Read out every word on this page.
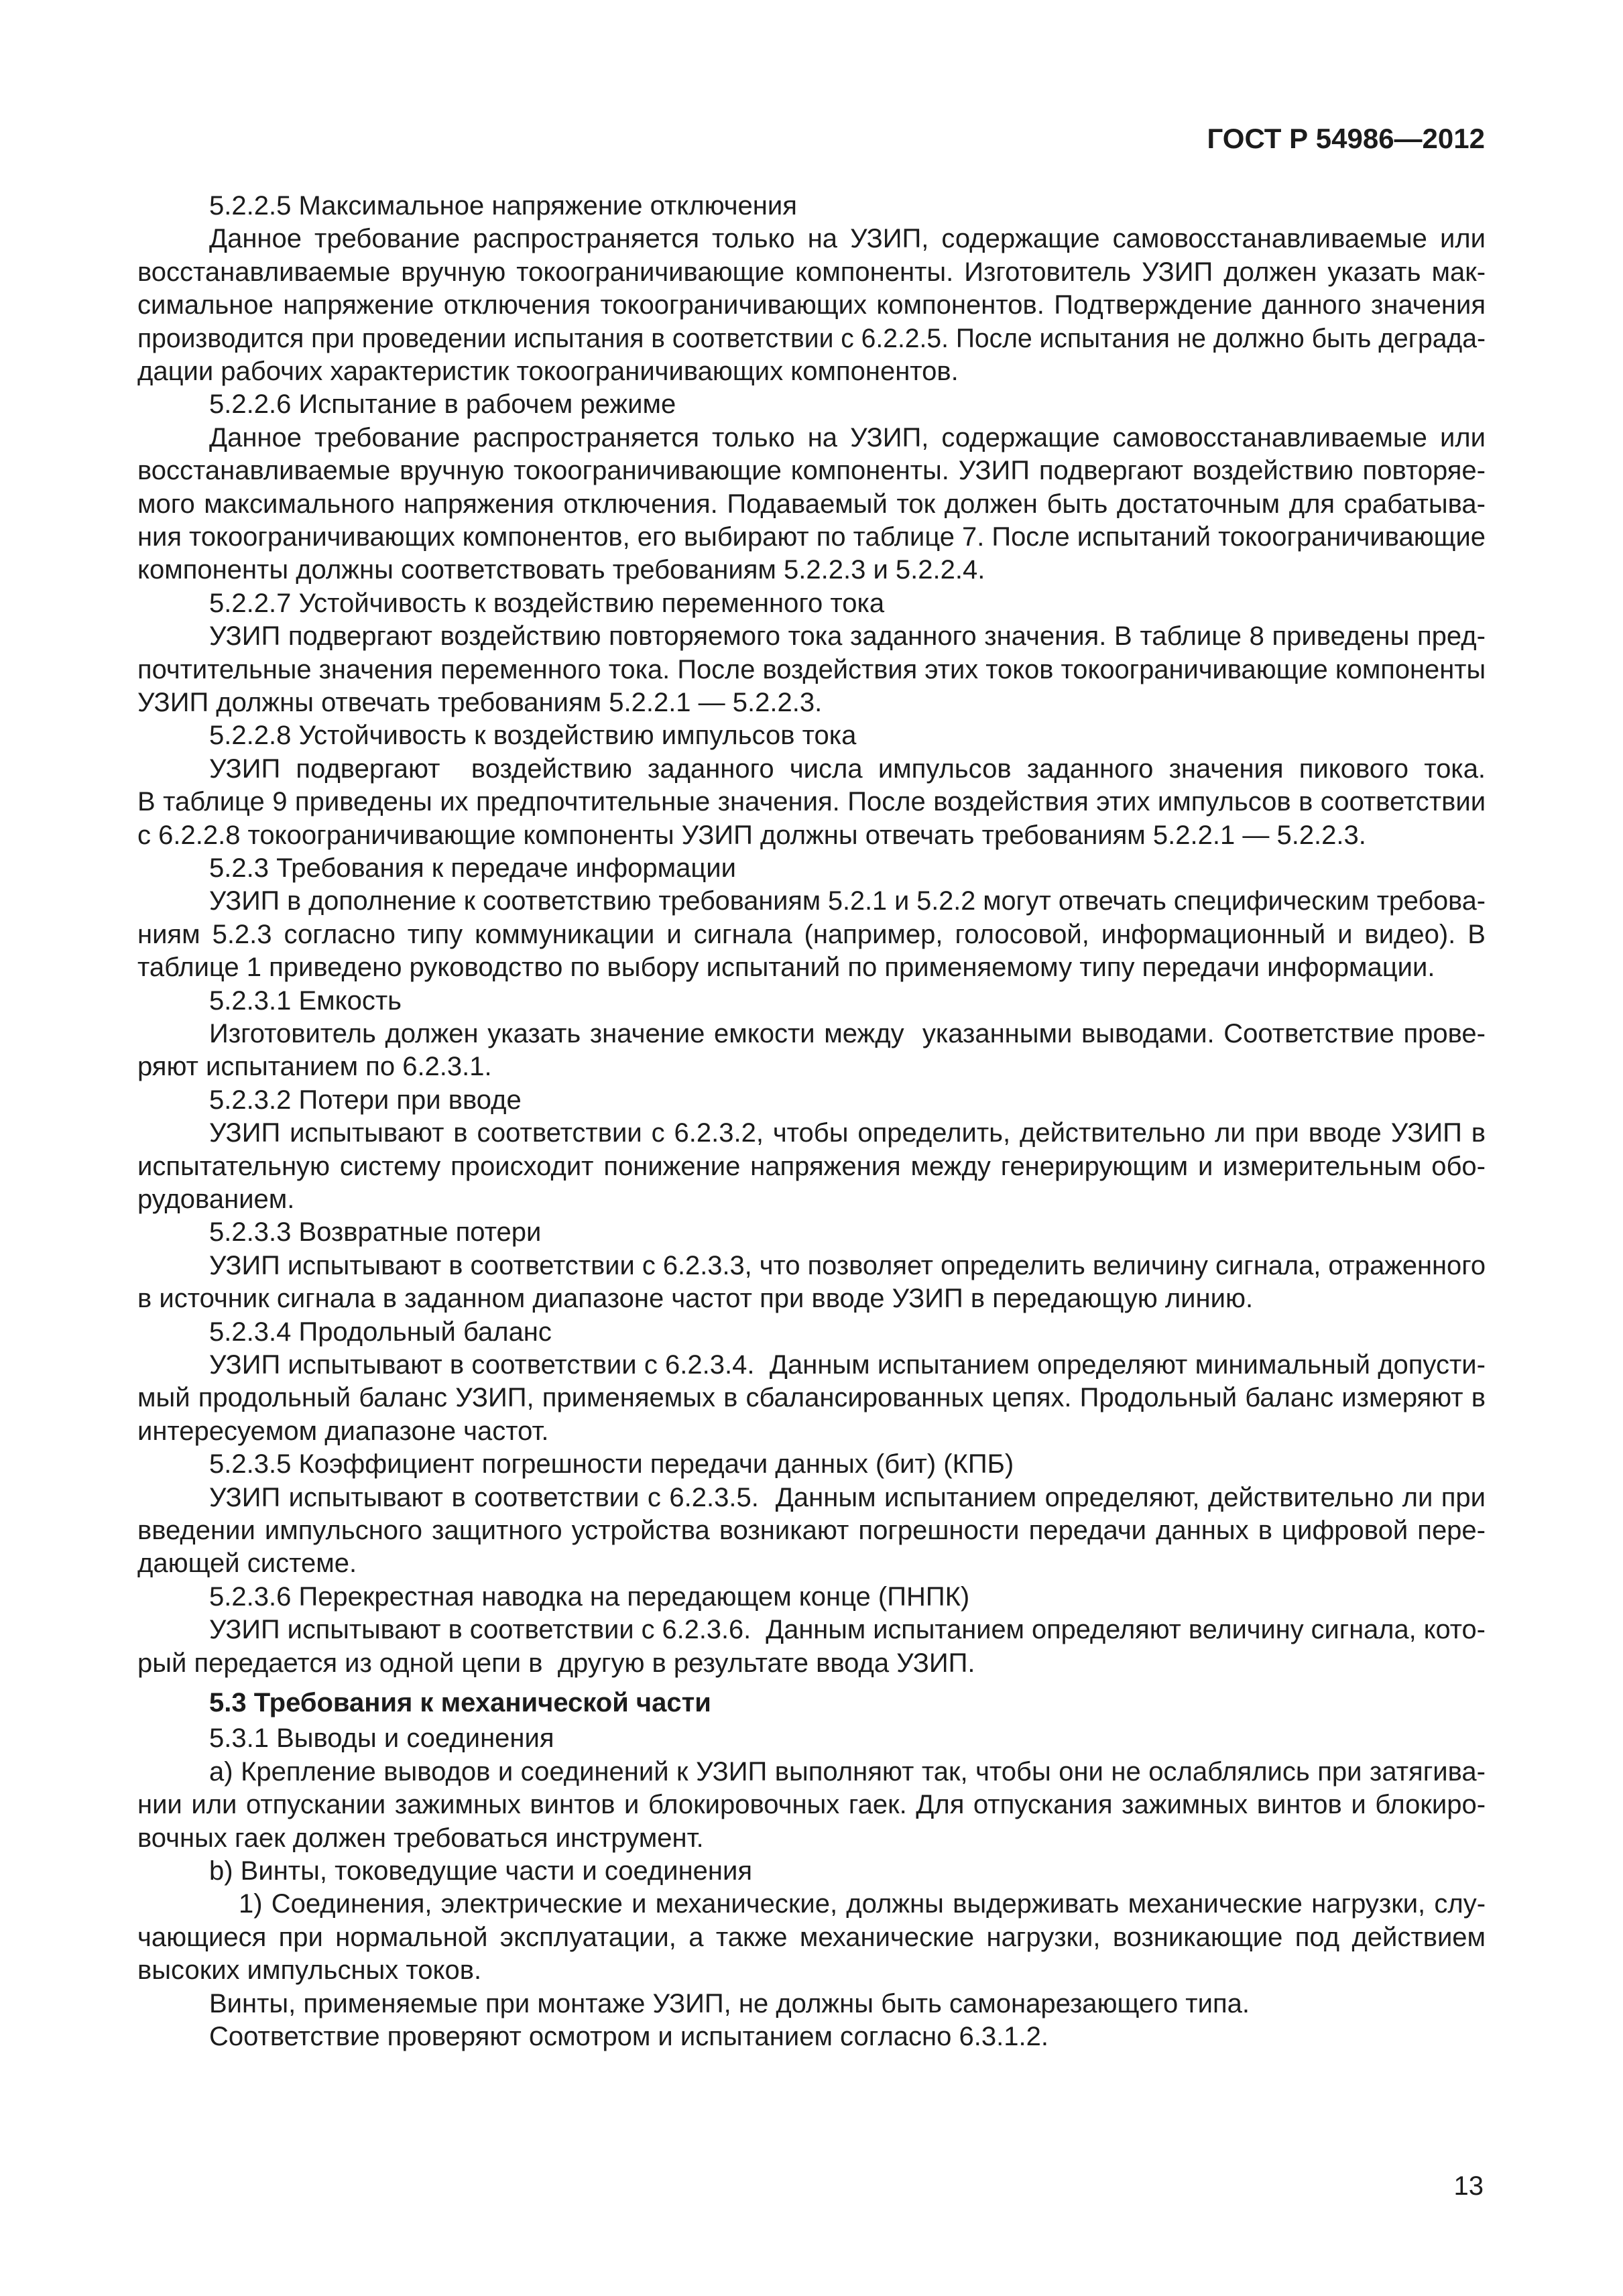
ГОСТ Р 54986—2012
5.2.2.5 Максимальное напряжение отключения
Данное требование распространяется только на УЗИП, содержащие самовосстанавливаемые или
восстанавливаемые вручную токоограничивающие компоненты. Изготовитель УЗИП должен указать мак-
симальное напряжение отключения токоограничивающих компонентов. Подтверждение данного значения
производится при проведении испытания в соответствии с 6.2.2.5. После испытания не должно быть деграда-
дации рабочих характеристик токоограничивающих компонентов.
5.2.2.6 Испытание в рабочем режиме
Данное требование распространяется только на УЗИП, содержащие самовосстанавливаемые или
восстанавливаемые вручную токоограничивающие компоненты. УЗИП подвергают воздействию повторяе-
мого максимального напряжения отключения. Подаваемый ток должен быть достаточным для срабатыва-
ния токоограничивающих компонентов, его выбирают по таблице 7. После испытаний токоограничивающие
компоненты должны соответствовать требованиям 5.2.2.3 и 5.2.2.4.
5.2.2.7 Устойчивость к воздействию переменного тока
УЗИП подвергают воздействию повторяемого тока заданного значения. В таблице 8 приведены пред-
почтительные значения переменного тока. После воздействия этих токов токоограничивающие компоненты
УЗИП должны отвечать требованиям 5.2.2.1 — 5.2.2.3.
5.2.2.8 Устойчивость к воздействию импульсов тока
УЗИП подвергают  воздействию заданного числа импульсов заданного значения пикового тока.
В таблице 9 приведены их предпочтительные значения. После воздействия этих импульсов в соответствии
с 6.2.2.8 токоограничивающие компоненты УЗИП должны отвечать требованиям 5.2.2.1 — 5.2.2.3.
5.2.3 Требования к передаче информации
УЗИП в дополнение к соответствию требованиям 5.2.1 и 5.2.2 могут отвечать специфическим требова-
ниям 5.2.3 согласно типу коммуникации и сигнала (например, голосовой, информационный и видео). В
таблице 1 приведено руководство по выбору испытаний по применяемому типу передачи информации.
5.2.3.1 Емкость
Изготовитель должен указать значение емкости между  указанными выводами. Соответствие прове-
ряют испытанием по 6.2.3.1.
5.2.3.2 Потери при вводе
УЗИП испытывают в соответствии с 6.2.3.2, чтобы определить, действительно ли при вводе УЗИП в
испытательную систему происходит понижение напряжения между генерирующим и измерительным обо-
рудованием.
5.2.3.3 Возвратные потери
УЗИП испытывают в соответствии с 6.2.3.3, что позволяет определить величину сигнала, отраженного
в источник сигнала в заданном диапазоне частот при вводе УЗИП в передающую линию.
5.2.3.4 Продольный баланс
УЗИП испытывают в соответствии с 6.2.3.4.  Данным испытанием определяют минимальный допусти-
мый продольный баланс УЗИП, применяемых в сбалансированных цепях. Продольный баланс измеряют в
интересуемом диапазоне частот.
5.2.3.5 Коэффициент погрешности передачи данных (бит) (КПБ)
УЗИП испытывают в соответствии с 6.2.3.5.  Данным испытанием определяют, действительно ли при
введении импульсного защитного устройства возникают погрешности передачи данных в цифровой пере-
дающей системе.
5.2.3.6 Перекрестная наводка на передающем конце (ПНПК)
УЗИП испытывают в соответствии с 6.2.3.6.  Данным испытанием определяют величину сигнала, кото-
рый передается из одной цепи в  другую в результате ввода УЗИП.
5.3 Требования к механической части
5.3.1 Выводы и соединения
а) Крепление выводов и соединений к УЗИП выполняют так, чтобы они не ослаблялись при затягива-
нии или отпускании зажимных винтов и блокировочных гаек. Для отпускания зажимных винтов и блокиро-
вочных гаек должен требоваться инструмент.
b) Винты, токоведущие части и соединения
1) Соединения, электрические и механические, должны выдерживать механические нагрузки, слу-
чающиеся при нормальной эксплуатации, а также механические нагрузки, возникающие под действием
высоких импульсных токов.
Винты, применяемые при монтаже УЗИП, не должны быть самонарезающего типа.
Соответствие проверяют осмотром и испытанием согласно 6.3.1.2.
13
